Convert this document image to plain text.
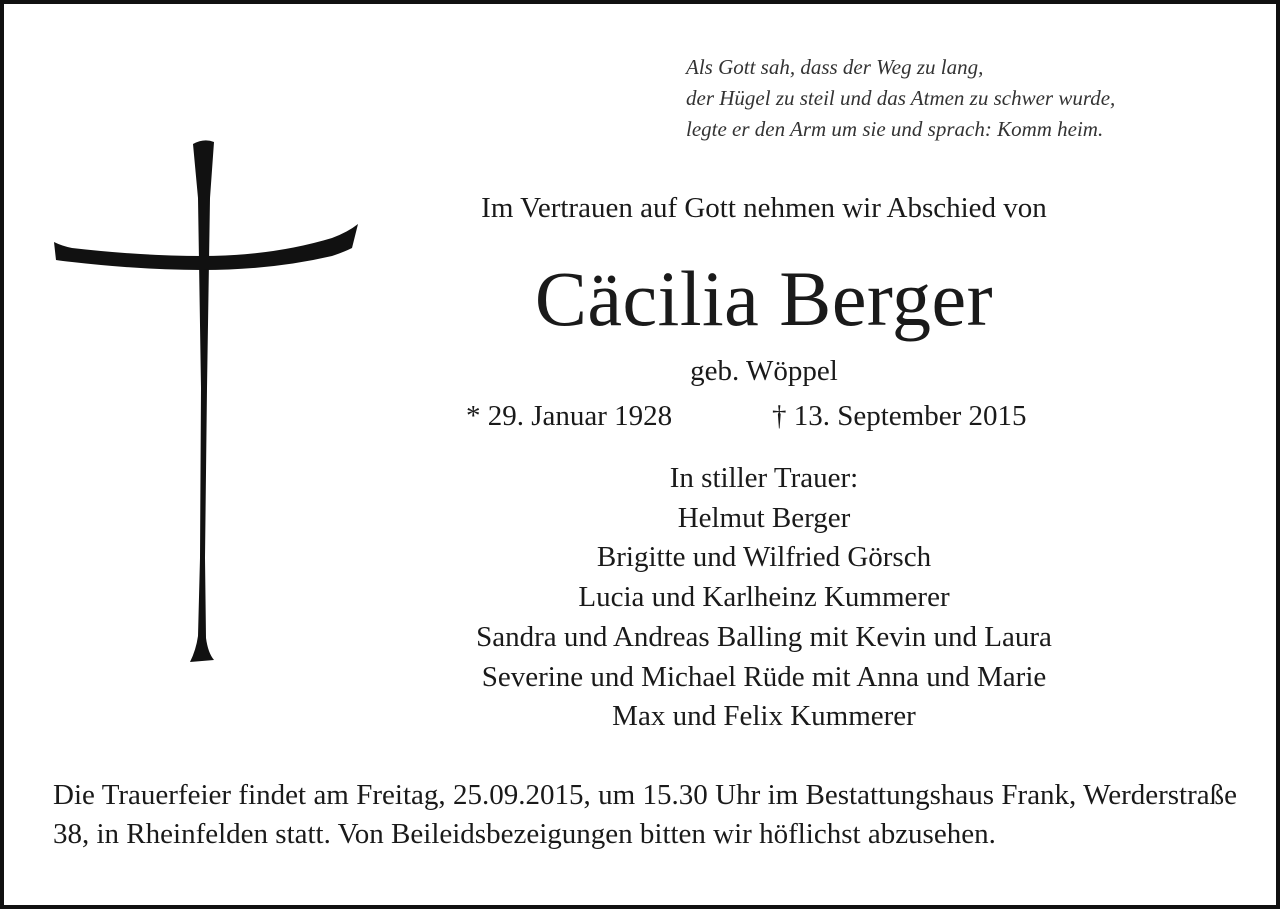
Als Gott sah, dass der Weg zu lang,
der Hügel zu steil und das Atmen zu schwer wurde,
legte er den Arm um sie und sprach: Komm heim.
Im Vertrauen auf Gott nehmen wir Abschied von
Cäcilia Berger
geb. Wöppel
* 29. Januar 1928	† 13. September 2015
In stiller Trauer:
Helmut Berger
Brigitte und Wilfried Görsch
Lucia und Karlheinz Kummerer
Sandra und Andreas Balling mit Kevin und Laura
Severine und Michael Rüde mit Anna und Marie
Max und Felix Kummerer
Die Trauerfeier findet am Freitag, 25.09.2015, um 15.30 Uhr im Bestattungshaus Frank, Werderstraße 38, in Rheinfelden statt. Von Beileidsbezeigungen bitten wir höflichst abzusehen.
